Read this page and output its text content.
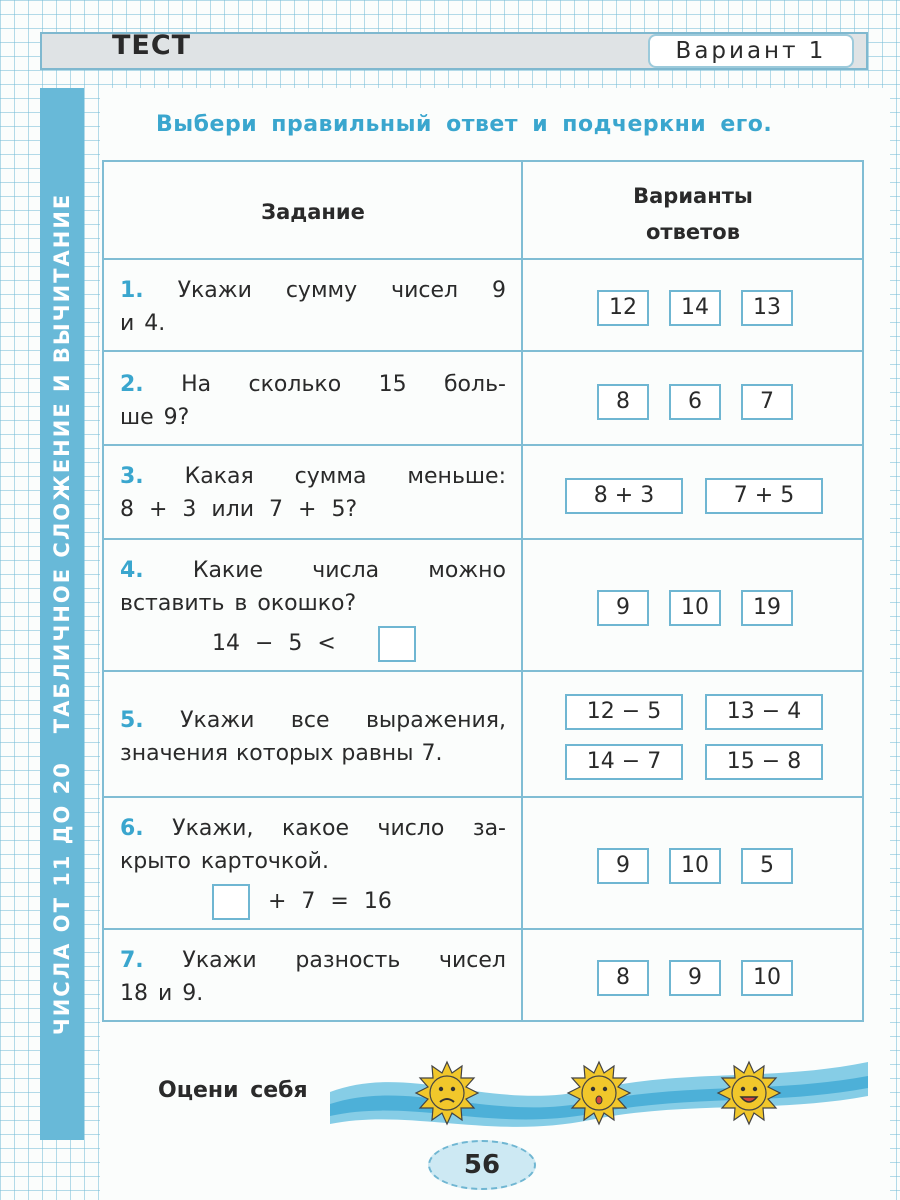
ТЕСТ	Вариант 1
ЧИСЛА ОТ 11 ДО 20   ТАБЛИЧНОЕ СЛОЖЕНИЕ И ВЫЧИТАНИЕ
Выбери правильный ответ и подчеркни его.
Задание
Варианты
ответов
1. Укажи сумму чисел 9
и 4.
12	14	13
2. На сколько 15 боль-
ше 9?
8	6	7
3. Какая сумма меньше:
8 + 3 или 7 + 5?
8 + 3	7 + 5
4. Какие числа можно
вставить в окошко?
14 − 5 <
9	10	19
5. Укажи все выражения,
значения которых равны 7.
12 − 5	13 − 4
14 − 7	15 − 8
6. Укажи, какое число за-
крыто карточкой.
+ 7 = 16
9	10	5
7. Укажи разность чисел
18 и 9.
8	9	10
Оцени себя
56
